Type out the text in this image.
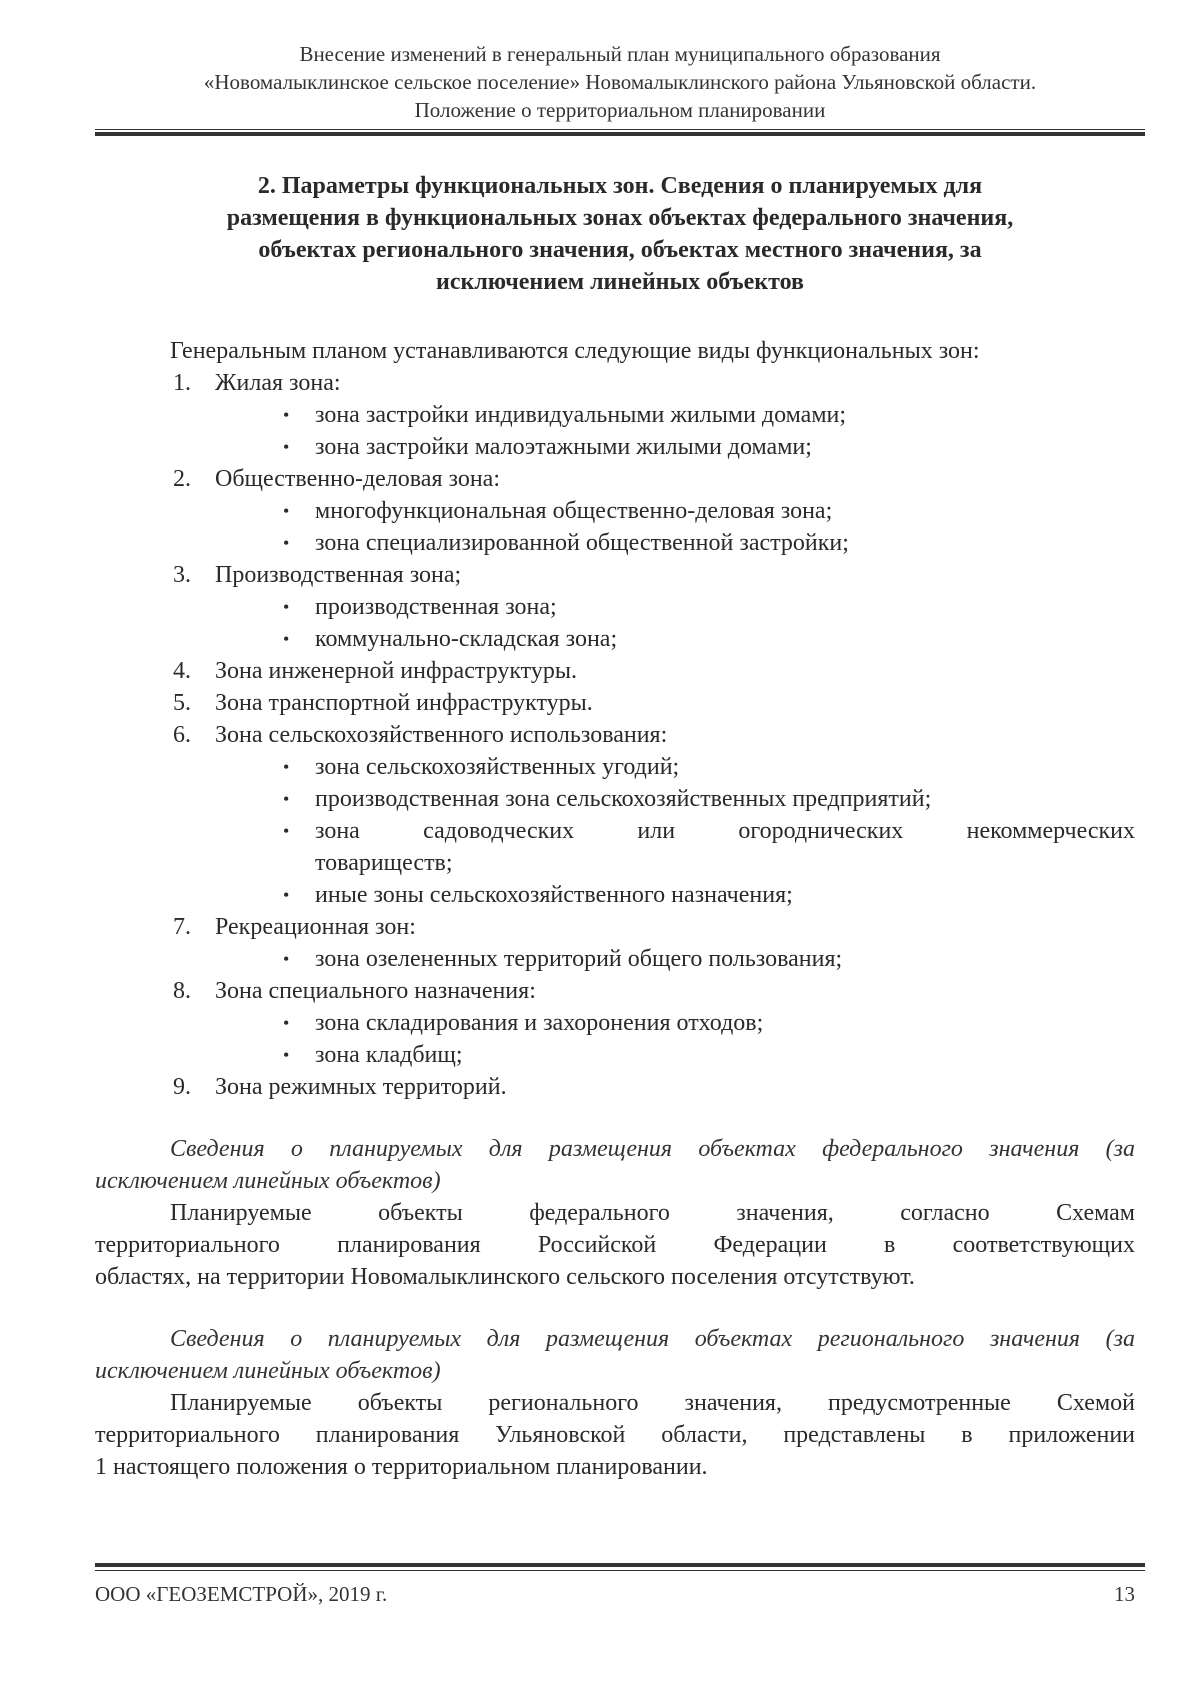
Внесение изменений в генеральный план муниципального образования
«Новомалыклинское сельское поселение» Новомалыклинского района Ульяновской области.
Положение о территориальном планировании
2. Параметры функциональных зон. Сведения о планируемых для
размещения в функциональных зонах объектах федерального значения,
объектах регионального значения, объектах местного значения, за
исключением линейных объектов

Генеральным планом устанавливаются следующие виды функциональных зон:

1. Жилая зона:
• зона застройки индивидуальными жилыми домами;
• зона застройки малоэтажными жилыми домами;
2. Общественно-деловая зона:
• многофункциональная общественно-деловая зона;
• зона специализированной общественной застройки;
3. Производственная зона;
• производственная зона;
• коммунально-складская зона;
4. Зона инженерной инфраструктуры.
5. Зона транспортной инфраструктуры.
6. Зона сельскохозяйственного использования:
• зона сельскохозяйственных угодий;
• производственная зона сельскохозяйственных предприятий;
• зона садоводческих или огороднических некоммерческих
товариществ;
• иные зоны сельскохозяйственного назначения;
7. Рекреационная зон:
• зона озелененных территорий общего пользования;
8. Зона специального назначения:
• зона складирования и захоронения отходов;
• зона кладбищ;
9. Зона режимных территорий.
Сведения о планируемых для размещения объектах федерального значения (за
исключением линейных объектов)
Планируемые объекты федерального значения, согласно Схемам
территориального планирования Российской Федерации в соответствующих
областях, на территории Новомалыклинского сельского поселения отсутствуют.
Сведения о планируемых для размещения объектах регионального значения (за
исключением линейных объектов)
Планируемые объекты регионального значения, предусмотренные Схемой
территориального планирования Ульяновской области, представлены в приложении
1 настоящего положения о территориальном планировании.
ООО «ГЕОЗЕМСТРОЙ», 2019 г.	13
